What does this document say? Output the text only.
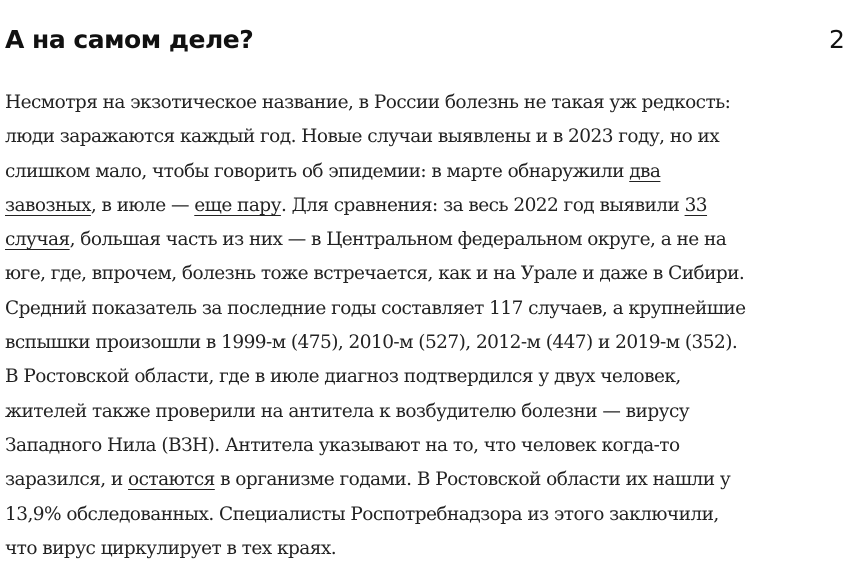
А на самом деле?	2
Несмотря на экзотическое название, в России болезнь не такая уж редкость:
люди заражаются каждый год. Новые случаи выявлены и в 2023 году, но их
слишком мало, чтобы говорить об эпидемии: в марте обнаружили два
завозных, в июле — еще пару. Для сравнения: за весь 2022 год выявили 33
случая, большая часть из них — в Центральном федеральном округе, а не на
юге, где, впрочем, болезнь тоже встречается, как и на Урале и даже в Сибири.
Средний показатель за последние годы составляет 117 случаев, а крупнейшие
вспышки произошли в 1999-м (475), 2010-м (527), 2012-м (447) и 2019-м (352).
В Ростовской области, где в июле диагноз подтвердился у двух человек,
жителей также проверили на антитела к возбудителю болезни — вирусу
Западного Нила (ВЗН). Антитела указывают на то, что человек когда-то
заразился, и остаются в организме годами. В Ростовской области их нашли у
13,9% обследованных. Специалисты Роспотребнадзора из этого заключили,
что вирус циркулирует в тех краях.
